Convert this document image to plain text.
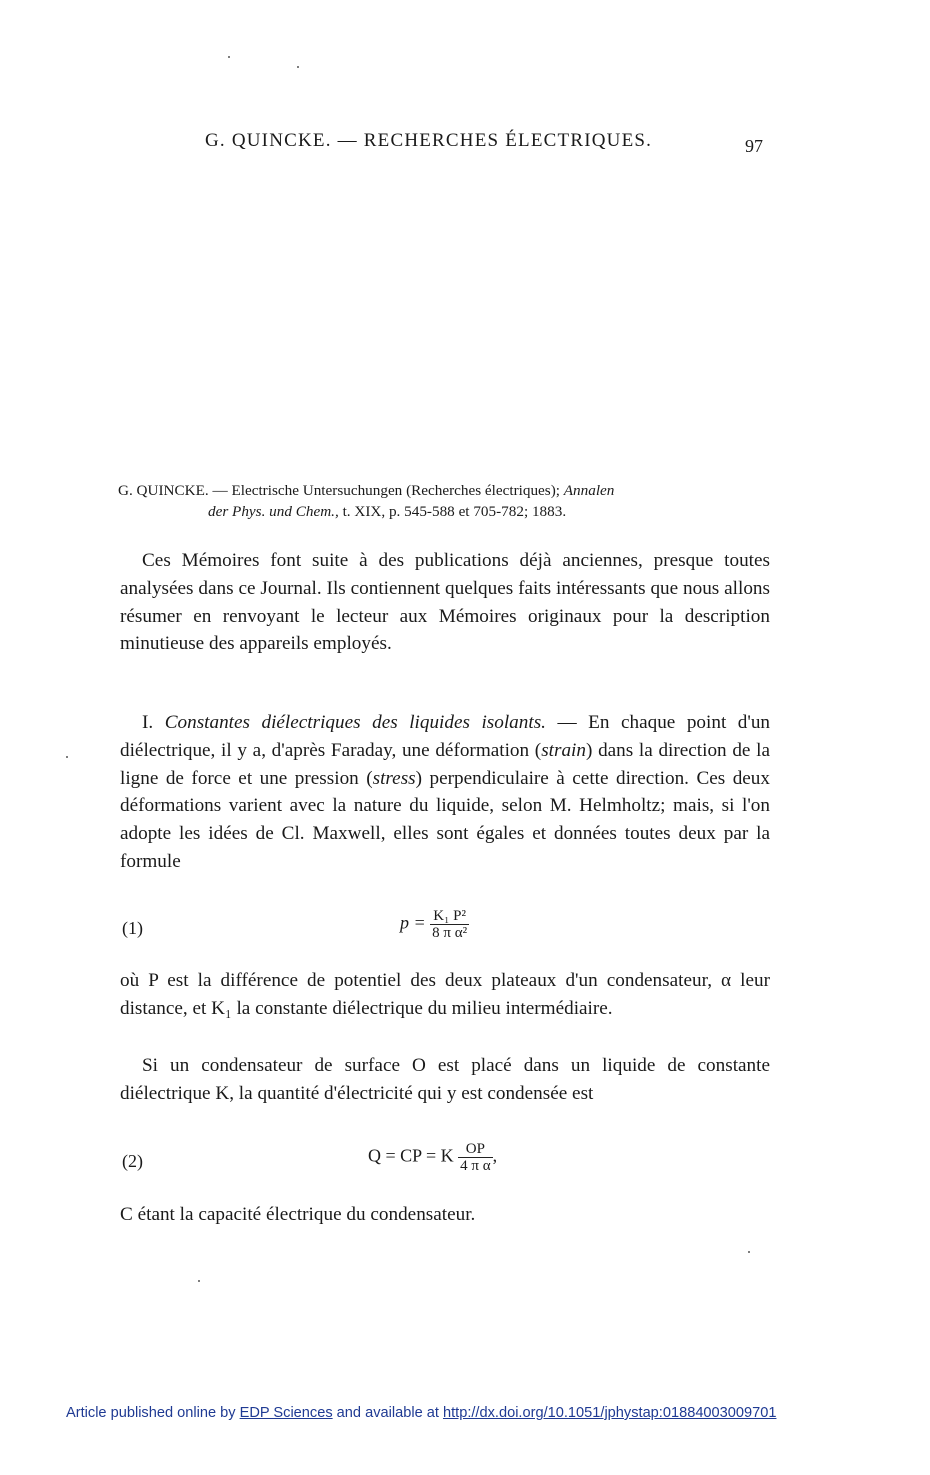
G. QUINCKE. — RECHERCHES ÉLECTRIQUES.	97
G. QUINCKE. — Electrische Untersuchungen (Recherches électriques); Annalen
der Phys. und Chem., t. XIX, p. 545-588 et 705-782; 1883.
Ces Mémoires font suite à des publications déjà anciennes, presque toutes analysées dans ce Journal. Ils contiennent quelques faits intéressants que nous allons résumer en renvoyant le lecteur aux Mémoires originaux pour la description minutieuse des appareils employés.
I. Constantes diélectriques des liquides isolants. — En chaque point d'un diélectrique, il y a, d'après Faraday, une déformation (strain) dans la direction de la ligne de force et une pression (stress) perpendiculaire à cette direction. Ces deux déformations varient avec la nature du liquide, selon M. Helmholtz; mais, si l'on adopte les idées de Cl. Maxwell, elles sont égales et données toutes deux par la formule
(1)	$p = \frac{\text{K₁ P²}}{\text{8 π α²}}$
où P est la différence de potentiel des deux plateaux d'un condensateur, α leur distance, et K₁ la constante diélectrique du milieu intermédiaire.
Si un condensateur de surface O est placé dans un liquide de constante diélectrique K, la quantité d'électricité qui y est condensée est
(2)	Q = CP = K $\frac{OP}{\text{4 π α}}$ ,
C étant la capacité électrique du condensateur.
Article published online by EDP Sciences and available at http://dx.doi.org/10.1051/jphystap:01884003009701
